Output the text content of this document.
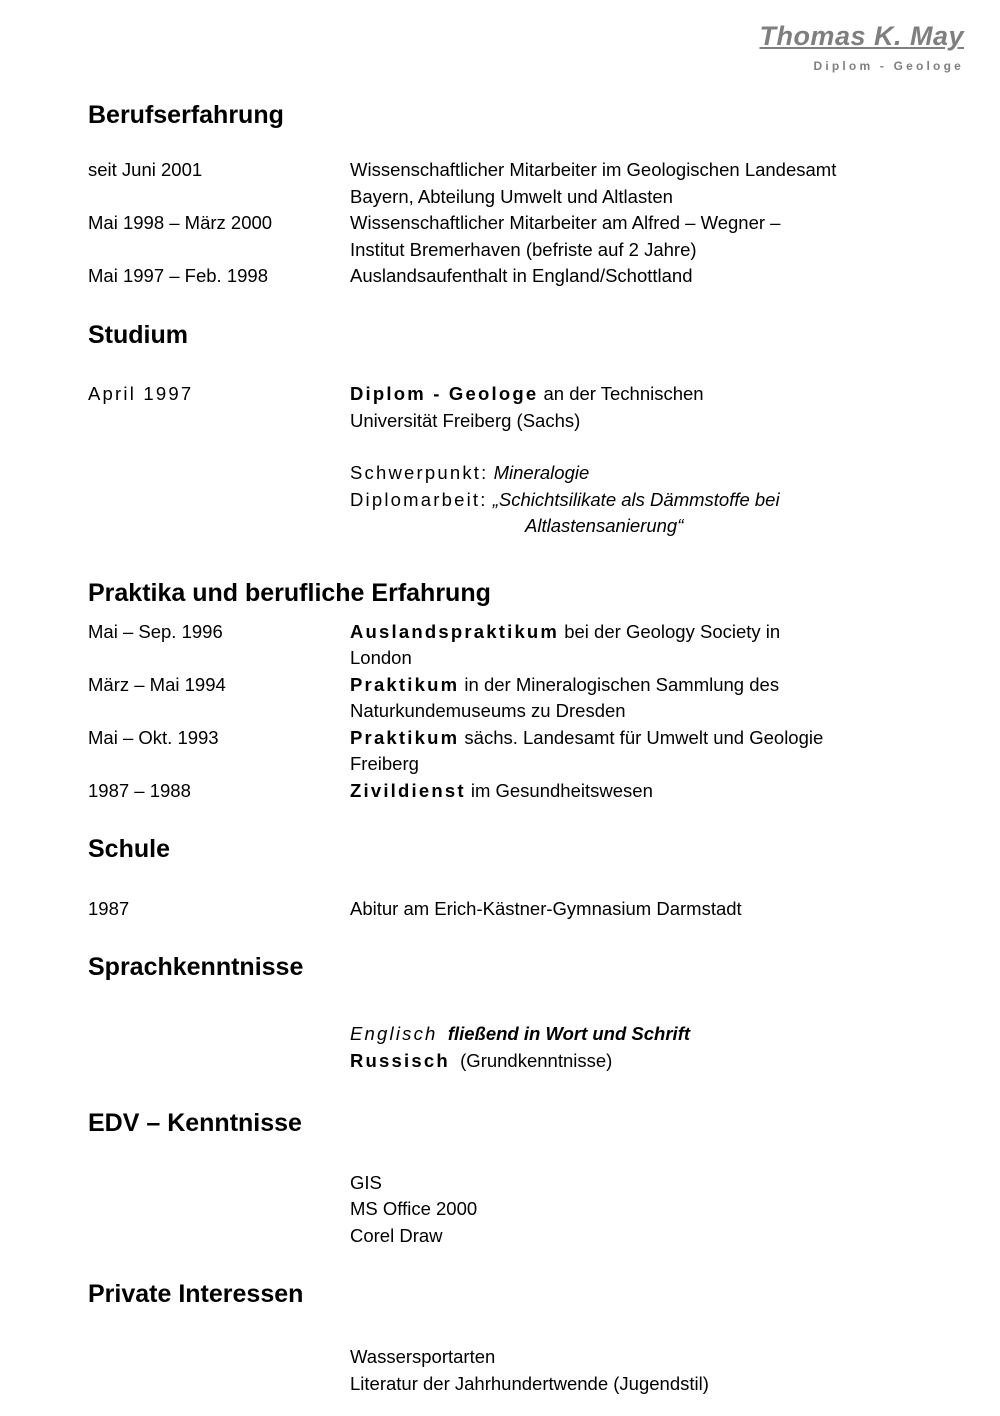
Thomas K. May
Diplom - Geologe
Berufserfahrung
seit Juni 2001	Wissenschaftlicher Mitarbeiter im Geologischen Landesamt
Bayern, Abteilung Umwelt und Altlasten
Mai 1998 – März 2000	Wissenschaftlicher Mitarbeiter am Alfred – Wegner –
Institut Bremerhaven (befriste auf 2 Jahre)
Mai 1997 – Feb. 1998	Auslandsaufenthalt in England/Schottland
Studium
April 1997	Diplom - Geologe an der Technischen
Universität Freiberg (Sachs)
Schwerpunkt: Mineralogie
Diplomarbeit: „Schichtsilikate als Dämmstoffe bei
Altlastensanierung“
Praktika und berufliche Erfahrung
Mai – Sep. 1996	Auslandspraktikum bei der Geology Society in
London
März – Mai 1994	Praktikum in der Mineralogischen Sammlung des
Naturkundemuseums zu Dresden
Mai – Okt. 1993	Praktikum sächs. Landesamt für Umwelt und Geologie
Freiberg
1987 – 1988	Zivildienst im Gesundheitswesen
Schule
1987	Abitur am Erich-Kästner-Gymnasium Darmstadt
Sprachkenntnisse
Englisch fließend in Wort und Schrift
Russisch (Grundkenntnisse)
EDV – Kenntnisse
GIS
MS Office 2000
Corel Draw
Private Interessen
Wassersportarten
Literatur der Jahrhundertwende (Jugendstil)
